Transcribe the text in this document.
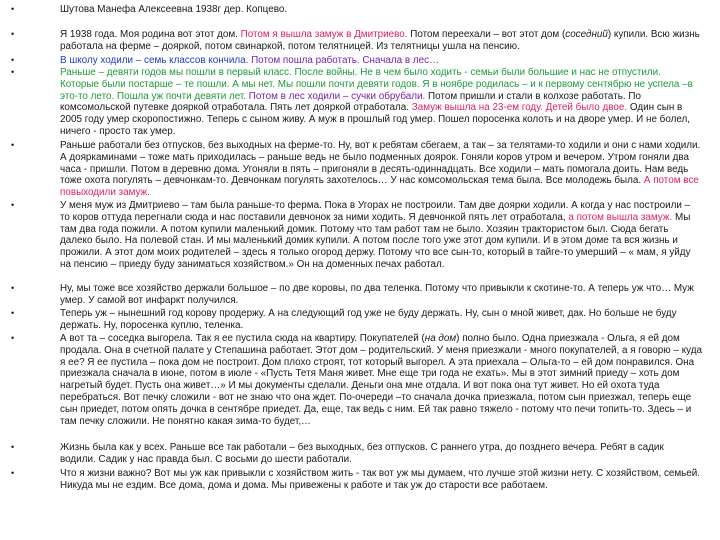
•	Шутова Манефа Алексеевна 1938г дер. Копцево.
•	Я 1938 года. Моя родина вот этот дом. Потом я вышла замуж в Дмитриево. Потом переехали – вот этот дом (соседний) купили. Всю жизнь работала на ферме – дояркой, потом свинаркой, потом телятницей. Из телятницы ушла на пенсию.
•	В школу ходили – семь классов кончила. Потом пошла работать. Сначала в лес…
•	Раньше – девяти годов мы пошли в первый класс. После войны. Не в чем было ходить - семьи были большие и нас не отпустили. Которые были постарше – те пошли. А мы нет. Мы пошли почти девяти годов. Я в ноябре родилась – и к первому сентябрю не успела –в это-то лето. Пошла уж почти девяти лет. Потом в лес ходили – сучки обрубали. Потом пришли и стали в колхозе работать. По комсомольской путевке дояркой отработала. Пять лет дояркой отработала. Замуж вышла на 23-ем году. Детей было двое. Один сын в 2005 году умер скоропостижно. Теперь с сыном живу. А муж в прошлый год умер. Пошел поросенка колоть и на дворе умер. И не болел, ничего - просто так умер.
•	Раньше работали без отпусков, без выходных на ферме-то. Ну, вот к ребятам сбегаем, а так – за телятами-то ходили и они с нами ходили. А дояркаминами – тоже мать приходилась – раньше ведь не было подменных доярок. Гоняли коров утром и вечером. Утром гоняли два часа - пришли. Потом в деревню дома. Угоняли в пять – пригоняли в десять-одиннадцать. Все ходили – мать помогала доить. Нам ведь тоже охота погулять – девчонкам-то. Девчонкам погулять захотелось… У нас комсомольская тема была. Все молодежь была. А потом все повыходили замуж.
•	У меня муж из Дмитриево – там была раньше-то ферма. Пока в Угорах не построили. Там две доярки ходили. А когда у нас построили – то коров оттуда перегнали сюда и нас поставили девчонок за ними ходить. Я девчонкой пять лет отработала, а потом вышла замуж. Мы там два года пожили. А потом купили маленький домик. Потому что там работ там не было. Хозяин трактористом был. Сюда бегать далеко было. На полевой стан. И мы маленький домик купили. А потом после того уже этот дом купили. И в этом доме та вся жизнь и прожили. А этот дом моих родителей – здесь я только огород держу. Потому что все сын-то, который в тайге-то умерший – « мам, я уйду на пенсию – приеду буду заниматься хозяйством.» Он на доменных печах работал.
•	Ну, мы тоже все хозяйство держали большое – по две коровы, по два теленка. Потому что привыкли к скотине-то. А теперь уж что… Муж умер. У самой вот инфаркт получился.
•	Теперь уж – нынешний год корову продержу. А на следующий год уже не буду держать. Ну, сын о мной живет, дак. Но больше не буду держать. Ну, поросенка куплю, теленка.
•	А вот та – соседка выгорела. Так я ее пустила сюда на квартиру. Покупателей (на дом) полно было. Одна приезжала - Ольга, я ей дом продала. Она в счетной палате у Степашина работает. Этот дом – родительский. У меня приезжали - много покупателей, а я говорю – куда я ее? Я ее пустила – пока дом не построит. Дом плохо строят, тот который выгорел. А эта приехала – Ольга-то – ей дом понравился. Она приезжала сначала в июне, потом в июле - «Пусть Тетя Маня живет. Мне еще три года не ехать». Мы в этот зимний приеду – хоть дом нагретый будет. Пусть она живет…» И мы документы сделали. Деньги она мне отдала. И вот пока она тут живет. Но ей охота туда перебраться. Вот печку сложили - вот не знаю что она ждет. По-очереди –то сначала дочка приезжала, потом сын приезжал, теперь еще сын приедет, потом опять дочка в сентябре приедет. Да, еще, так ведь с ним. Ей так равно тяжело - потому что печи топить-то. Здесь – и там печку сложили. Не понятно какая зима-то будет,…
•	Жизнь была как у всех. Раньше все так работали – без выходных, без отпусков. С раннего утра, до позднего вечера. Ребят в садик водили. Садик у нас правда был. С восьми до шести работали.
•	Что я жизни важно? Вот мы уж как привыкли с хозяйством жить - так вот уж мы думаем, что лучше этой жизни нету. С хозяйством, семьей. Никуда мы не ездим. Все дома, дома и дома. Мы привежены к работе и так уж до старости все работаем.
